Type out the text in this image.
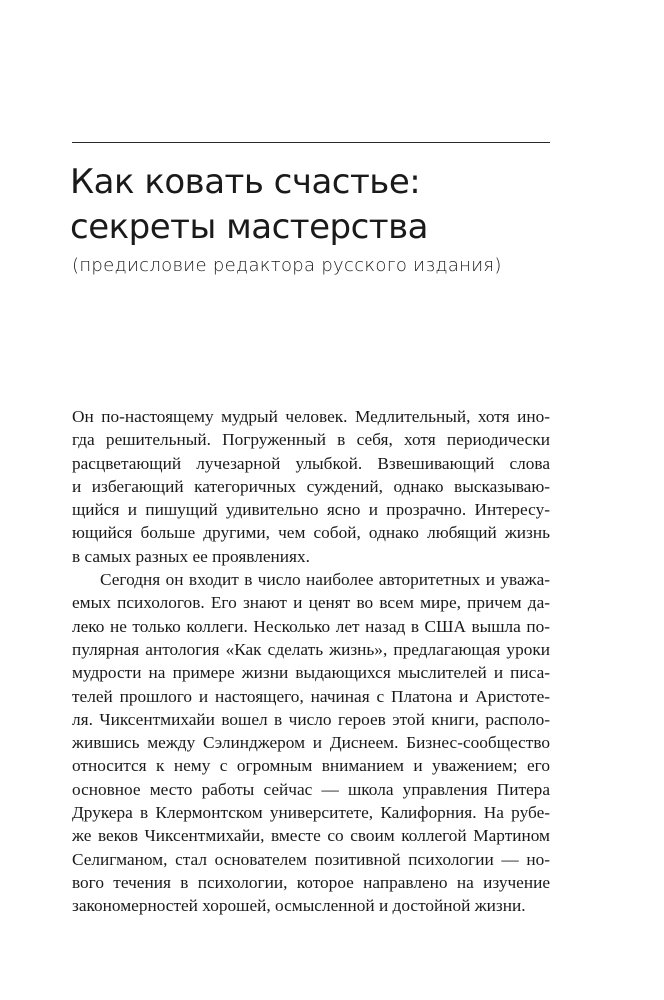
Как ковать счастье:
секреты мастерства
(предисловие редактора русского издания)
Он по-настоящему мудрый человек. Медлительный, хотя ино-
гда решительный. Погруженный в себя, хотя периодически
расцветающий лучезарной улыбкой. Взвешивающий слова
и избегающий категоричных суждений, однако высказываю-
щийся и пишущий удивительно ясно и прозрачно. Интересу-
ющийся больше другими, чем собой, однако любящий жизнь
в самых разных ее проявлениях.
Сегодня он входит в число наиболее авторитетных и уважа-
емых психологов. Его знают и ценят во всем мире, причем да-
леко не только коллеги. Несколько лет назад в США вышла по-
пулярная антология «Как сделать жизнь», предлагающая уроки
мудрости на примере жизни выдающихся мыслителей и писа-
телей прошлого и настоящего, начиная с Платона и Аристоте-
ля. Чиксентмихайи вошел в число героев этой книги, располо-
жившись между Сэлинджером и Диснеем. Бизнес-сообщество
относится к нему с огромным вниманием и уважением; его
основное место работы сейчас — школа управления Питера
Друкера в Клермонтском университете, Калифорния. На рубе-
же веков Чиксентмихайи, вместе со своим коллегой Мартином
Селигманом, стал основателем позитивной психологии — но-
вого течения в психологии, которое направлено на изучение
закономерностей хорошей, осмысленной и достойной жизни.
